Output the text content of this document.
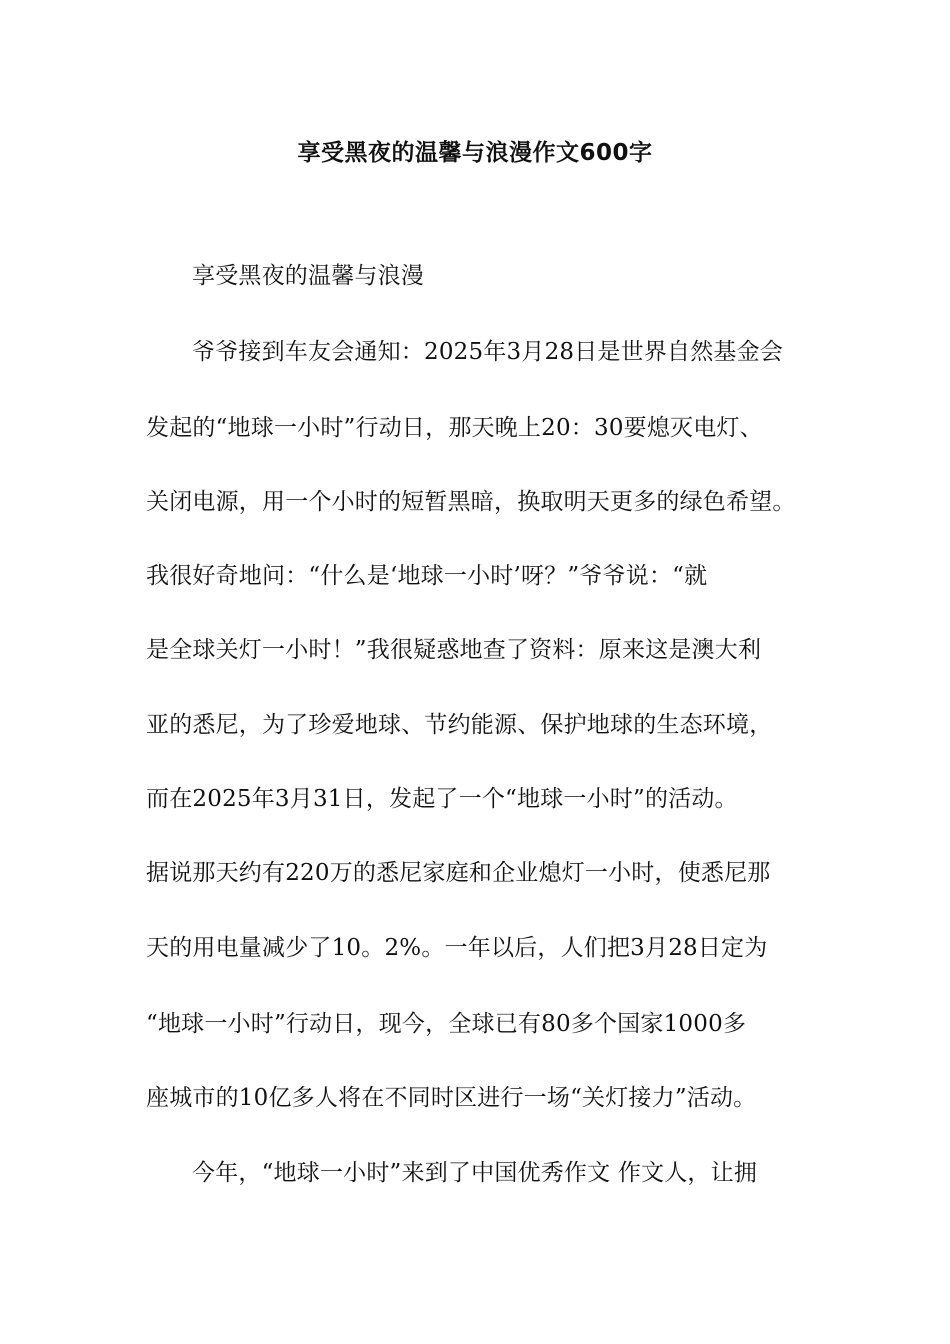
享受黑夜的温馨与浪漫作文600字
享受黑夜的温馨与浪漫
爷爷接到车友会通知：2025年3月28日是世界自然基金会
发起的“地球一小时”行动日，那天晚上20：30要熄灭电灯、
关闭电源，用一个小时的短暂黑暗，换取明天更多的绿色希望。
我很好奇地问：“什么是‘地球一小时’呀？”爷爷说：“就
是全球关灯一小时！”我很疑惑地查了资料：原来这是澳大利
亚的悉尼，为了珍爱地球、节约能源、保护地球的生态环境，
而在2025年3月31日，发起了一个“地球一小时”的活动。
据说那天约有220万的悉尼家庭和企业熄灯一小时，使悉尼那
天的用电量减少了10。2%。一年以后，人们把3月28日定为
“地球一小时”行动日，现今，全球已有80多个国家1000多
座城市的10亿多人将在不同时区进行一场“关灯接力”活动。
今年，“地球一小时”来到了中国优秀作文 作文人，让拥
